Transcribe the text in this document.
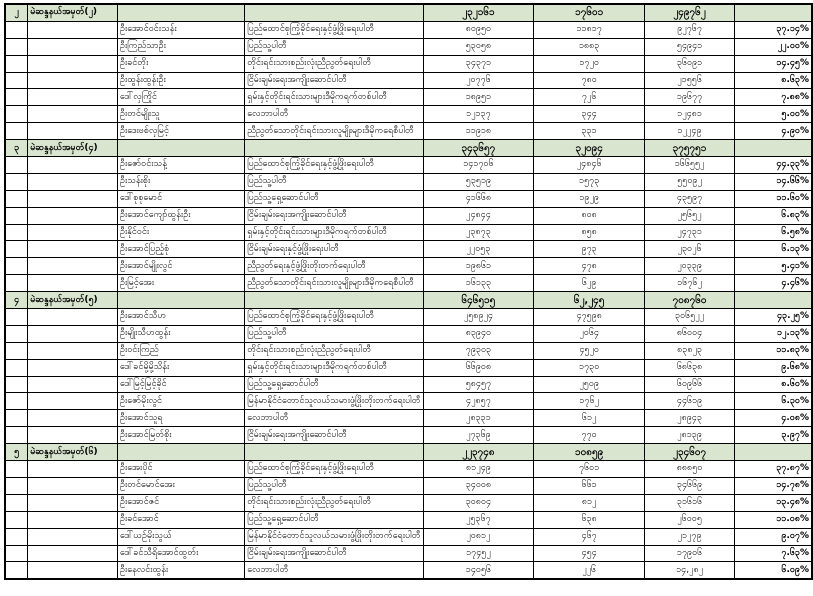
၂	မဲဆန္ဒနယ်အမှတ်(၂)			၂၃၂၁၆၁	၁၇၆၀၁	၂၄၉၇၆၂	
		ဦးအောင်ဝင်းသန်း	ပြည်ထောင်စုကြံ့ခိုင်ရေးနှင့်ဖွံ့ဖြိုးရေးပါတီ	၈၀၉၅၀	၁၁၈၁၇	၉၂၇၆၇	၃၇.၁၄%
		ဦးကြည်သာဦး	ပြည်သူ့ပါတီ	၅၃၀၅၈	၁၈၈၃	၅၄၉၄၁	၂၂.၀၀%
		ဦးခင်တိုး	တိုင်းရင်းသားစည်းလုံးညီညွတ်ရေးပါတီ	၃၄၃၇၁	၁၇၂၀	၃၆၀၉၁	၁၄.၄၅%
		ဦးထွန်းထွန်းဦး	ငြိမ်းချမ်းရေးအကျိုးဆောင်ပါတီ	၂၀၇၇၆	၇၈၀	၂၁၅၅၆	၈.၆၃%
		ဒေါ်လှကြိုင်	ရှမ်းနှင့်တိုင်းရင်းသားများဒီမိုကရက်တစ်ပါတီ	၁၈၉၅၁	၇၂၆	၁၉၆၇၇	၇.၈၈%
		ဦးတင်မျိုးသူ	လေဘာပါတီ	၁၂၁၃၇	၃၄၄	၁၂၄၈၁	၅.၀၀%
		ဦးဒေးဗစ်လှမြင့်	ညီညွတ်သောတိုင်းရင်းသားလူမျိုးများဒီမိုကရေစီပါတီ	၁၁၉၁၈	၃၃၁	၁၂၂၄၉	၄.၉၀%
၃	မဲဆန္ဒနယ်အမှတ်(၄)			၃၄၃၆၅၇	၃၂၀၉၄	၃၇၅၇၅၁	
		ဦးဇော်ဝင်းသန့်	ပြည်ထောင်စုကြံ့ခိုင်ရေးနှင့်ဖွံ့ဖြိုးရေးပါတီ	၁၄၁၇၀၆	၂၄၈၄၆	၁၆၆၅၅၂	၄၄.၃၃%
		ဦးသန်းစိုး	ပြည်သူ့ပါတီ	၅၃၅၁၉	၁၅၇၃	၅၅၀၉၂	၁၄.၆၆%
		ဒေါ်စုစုမောင်	ပြည်သူ့ရှေ့ဆောင်ပါတီ	၄၁၆၆၈	၁၉၂၉	၄၃၅၉၇	၁၁.၆၀%
		ဦးအောင်ကျော်ထွန်းဦး	ငြိမ်းချမ်းရေးအကျိုးဆောင်ပါတီ	၂၄၈၄၄	၈၀၈	၂၅၆၅၂	၆.၈၃%
		ဦးနိုင်ဝင်း	ရှမ်းနှင့်တိုင်းရင်းသားများဒီမိုကရက်တစ်ပါတီ	၂၃၈၇၃	၈၅၈	၂၄၇၃၁	၆.၅၈%
		ဦးအောင်ပြည့်စုံ	ငြိမ်းချမ်းရေးနှင့်ဖွံ့ဖြိုးရေးပါတီ	၂၂၀၅၃	၉၇၃	၂၃၀၂၆	၆.၁၃%
		ဦးအောင်မျိုးလွင်	ညီညွတ်ရေးနှင့်ဖွံ့ဖြိုးတိုးတက်ရေးပါတီ	၁၉၈၆၁	၄၇၈	၂၀၃၃၉	၅.၄၁%
		ဦးမြင့်အေး	ညီညွတ်သောတိုင်းရင်းသားလူမျိုးများဒီမိုကရေစီပါတီ	၁၆၁၃၃	၆၂၉	၁၆၇၆၂	၄.၄၆%
၄	မဲဆန္ဒနယ်အမှတ်(၅)			၆၄၆၅၁၅	၆၂,၂၄၅	၇၀၈၇၆၀	
		ဦးအောင်သီဟ	ပြည်ထောင်စုကြံ့ခိုင်ရေးနှင့်ဖွံ့ဖြိုးရေးပါတီ	၂၅၈၉၂၄	၄၇၅၉၈	၃၀၆၅၂၂	၄၃.၂၅%
		ဦးမျိုးသီဟထွန်း	ပြည်သူ့ပါတီ	၈၃၉၄၀	၂၀၆၄	၈၆၀၀၄	၁၂.၁၃%
		ဦးဝင်းကြည်	တိုင်းရင်းသားစည်းလုံးညီညွတ်ရေးပါတီ	၇၉၃၀၃	၄၅၂၀	၈၃၈၂၃	၁၁.၈၃%
		ဒေါ်ခင်မို့မို့သိန်း	ရှမ်းနှင့်တိုင်းရင်းသားများဒီမိုကရက်တစ်ပါတီ	၆၆၉၀၈	၁၇၃၀	၆၈၆၃၈	၉.၆၈%
		ဒေါ်မြင့်မြင့်ခိုင်	ပြည်သူ့ရှေ့ဆောင်ပါတီ	၅၈၄၅၇	၂၅၀၉	၆၀၉၆၆	၈.၆၀%
		ဦးဇော်မိုးလွင်	မြန်မာနိုင်ငံတောင်သူလယ်သမားဖွံ့ဖြိုးတိုးတက်ရေးပါတီ	၄၂၈၅၇	၁၇၆၂	၄၄၆၁၉	၆.၃၀%
		ဦးအောင်သူရ	လေဘာပါတီ	၂၈၃၃၁	၆၁၂	၂၈၉၄၃	၄.၀၈%
		ဦးအောင်မြတ်စိုး	ငြိမ်းချမ်းရေးအကျိုးဆောင်ပါတီ	၂၇၃၆၉	၇၇၀	၂၈၁၃၉	၃.၉၇%
၅	မဲဆန္ဒနယ်အမှတ်(၆)			၂၂၃၇၄၈	၁၀၈၅၉	၂၃၄၆၀၇	
		ဦးအေးပိုင်	ပြည်ထောင်စုကြံ့ခိုင်ရေးနှင့်ဖွံ့ဖြိုးရေးပါတီ	၈၁၂၄၉	၇၆၀၁	၈၈၈၅၀	၃၇.၈၇%
		ဦးတင်မောင်အေး	ပြည်သူ့ပါတီ	၃၄၀၀၈	၆၆၁	၃၄၆၆၉	၁၄.၇၈%
		ဦးအောင်ဇင်	တိုင်းရင်းသားစည်းလုံးညီညွတ်ရေးပါတီ	၃၀၈၀၄	၈၁၂	၃၁၆၁၆	၁၃.၄၈%
		ဦးခင်အောင်	ပြည်သူ့ရှေ့ဆောင်ပါတီ	၂၅၃၆၇	၆၃၈	၂၆၀၀၅	၁၁.၀၈%
		ဒေါ်ယဉ်မိုးသွယ်	မြန်မာနိုင်ငံတောင်သူလယ်သမားဖွံ့ဖြိုးတိုးတက်ရေးပါတီ	၂၀၈၁၂	၄၆၇	၂၁၂၇၉	၉.၀၇%
		ဒေါ်ခင်သီရိအောင်ထွတ်း	ငြိမ်းချမ်းရေးအကျိုးဆောင်ပါတီ	၁၇၄၅၂	၄၅၄	၁၇၉၀၆	၇.၆၃%
		ဦးနေလင်းထွန်း	လေဘာပါတီ	၁၄၀၅၆	၂၂၆	၁၄,၂၈၂	၆.၀၉%
